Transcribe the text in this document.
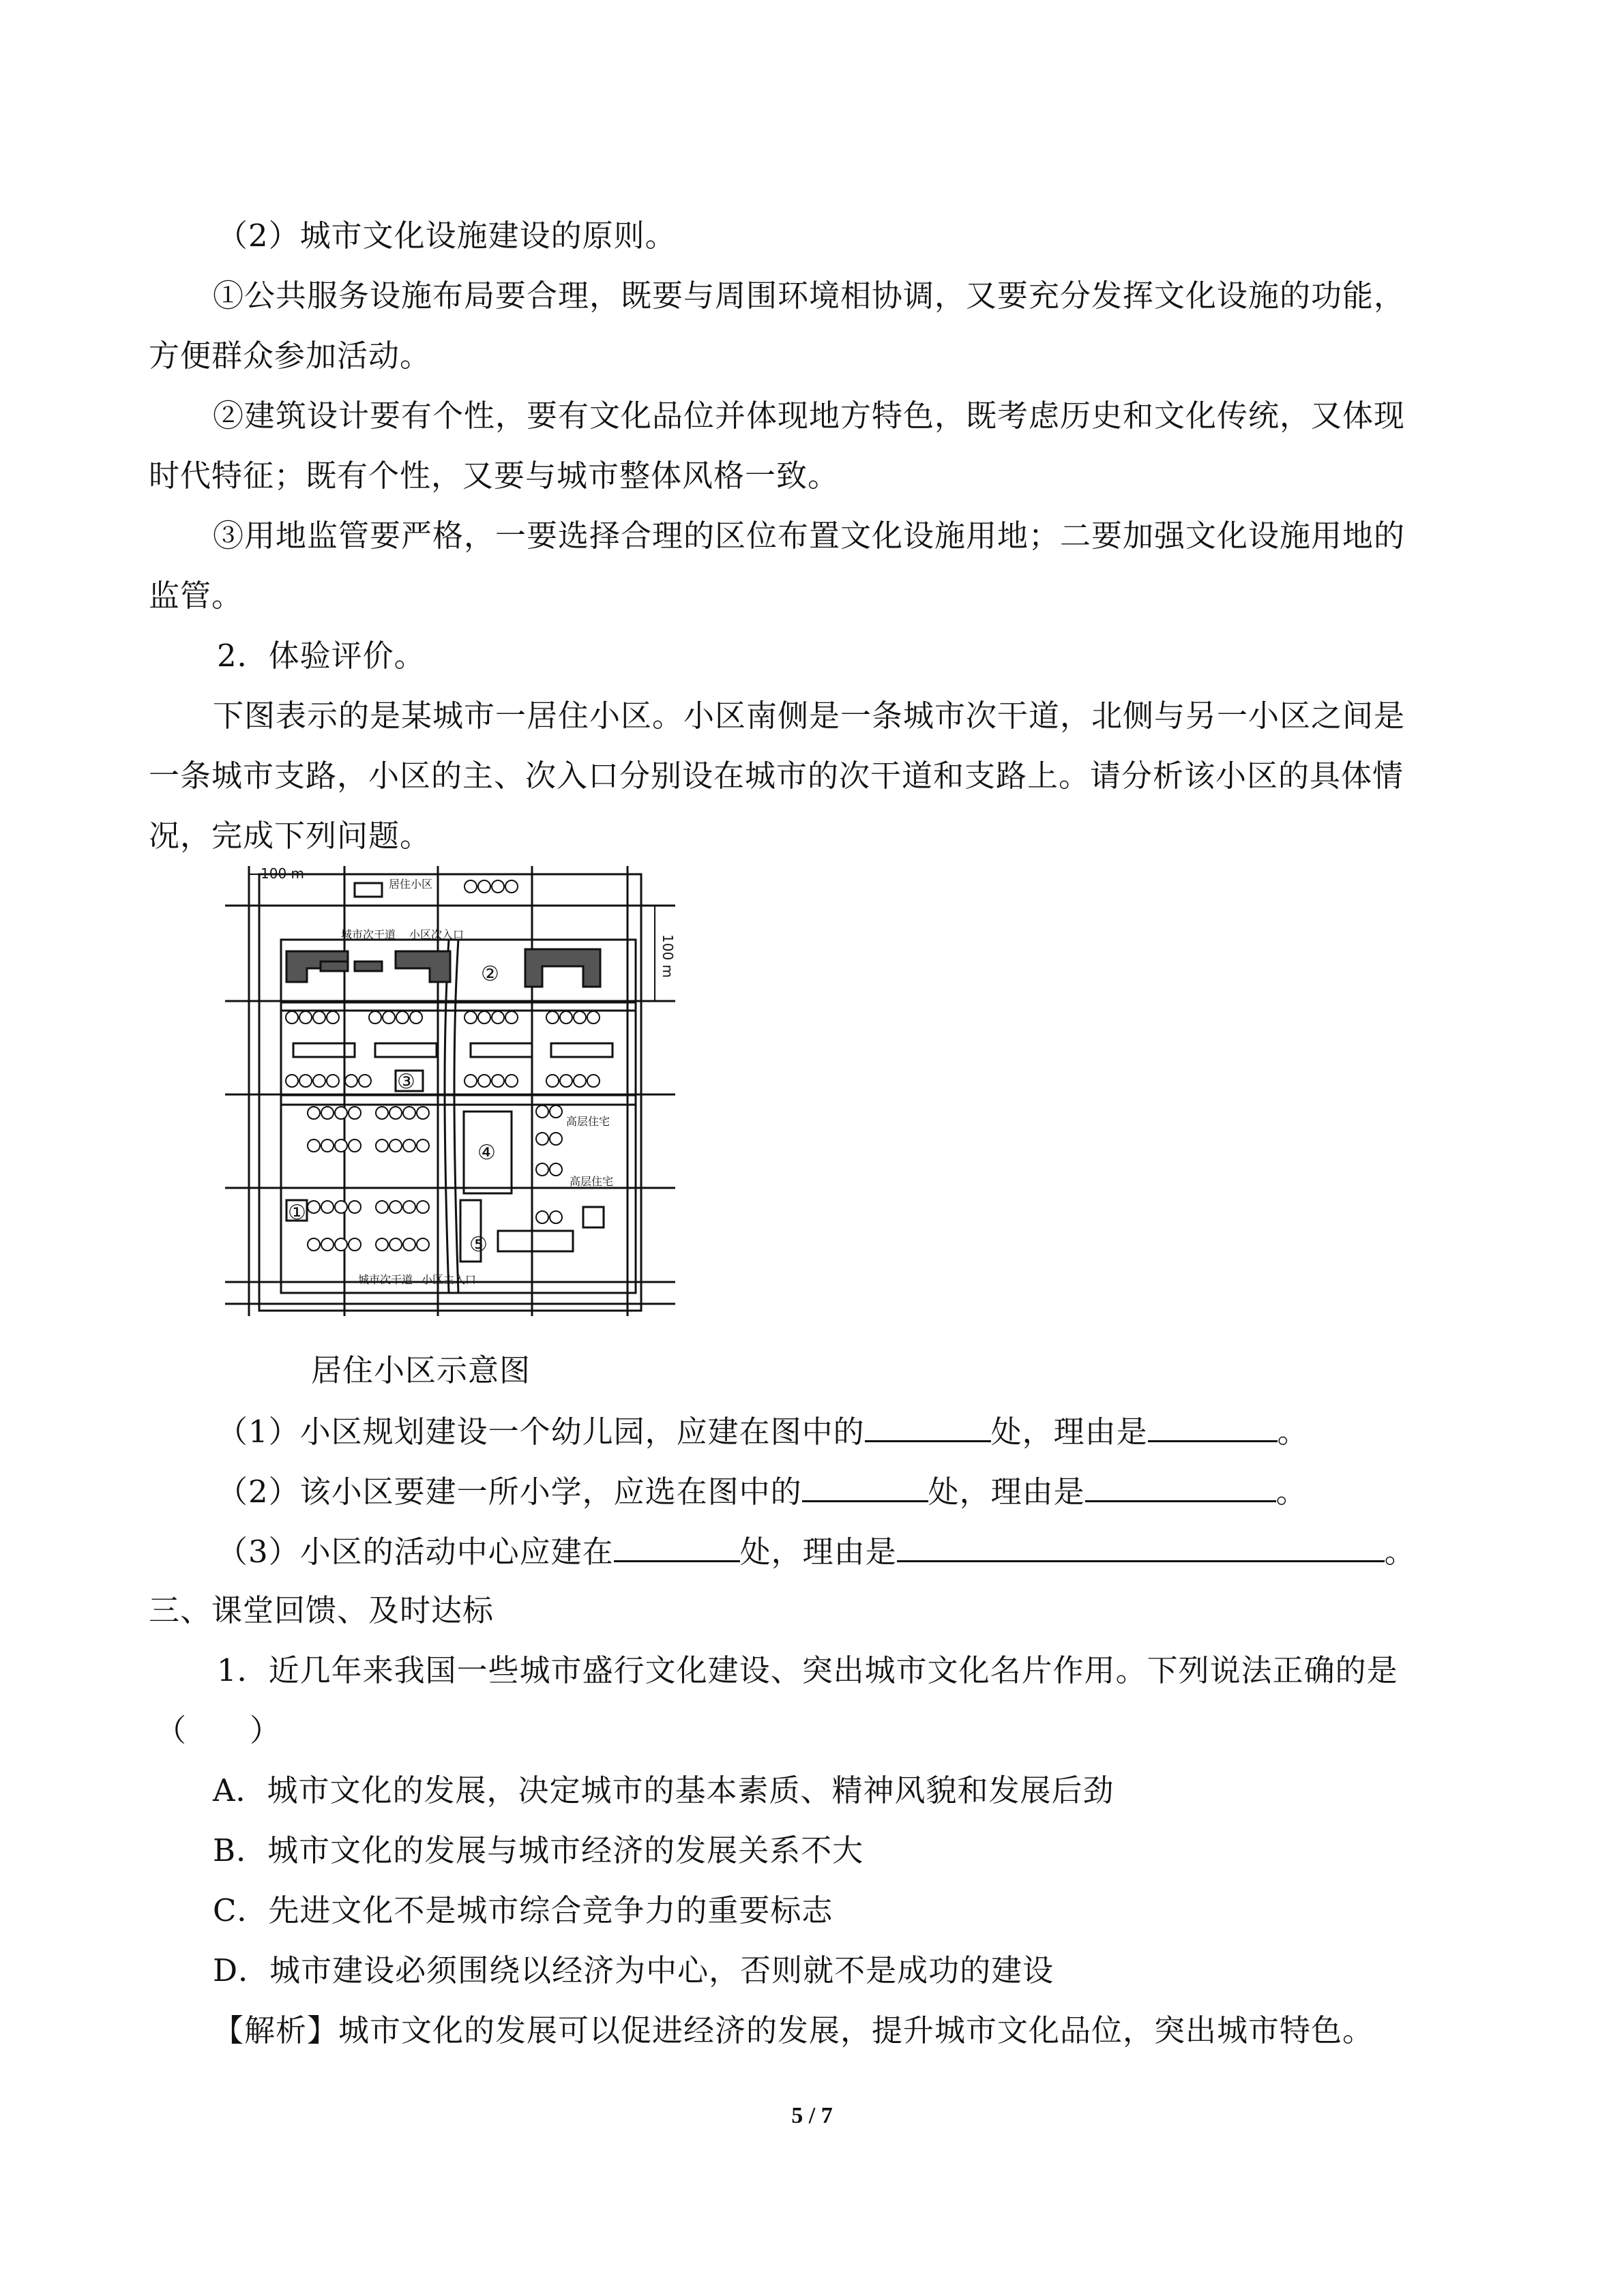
（2）城市文化设施建设的原则。
①公共服务设施布局要合理，既要与周围环境相协调，又要充分发挥文化设施的功能，
方便群众参加活动。
②建筑设计要有个性，要有文化品位并体现地方特色，既考虑历史和文化传统，又体现
时代特征；既有个性，又要与城市整体风格一致。
③用地监管要严格，一要选择合理的区位布置文化设施用地；二要加强文化设施用地的
监管。
2．体验评价。
下图表示的是某城市一居住小区。小区南侧是一条城市次干道，北侧与另一小区之间是
一条城市支路，小区的主、次入口分别设在城市的次干道和支路上。请分析该小区的具体情
况，完成下列问题。
100 m
居住小区
城市次干道 小区次入口
城市次干道 小区主入口
高层住宅
高层住宅
100 m
①
②
③
④
⑤
居住小区示意图
（1）小区规划建设一个幼儿园，应建在图中的	处，理由是	。
（2）该小区要建一所小学，应选在图中的	处，理由是	。
（3）小区的活动中心应建在	处，理由是	。
三、课堂回馈、及时达标
1．近几年来我国一些城市盛行文化建设、突出城市文化名片作用。下列说法正确的是
（　　）
A．城市文化的发展，决定城市的基本素质、精神风貌和发展后劲
B．城市文化的发展与城市经济的发展关系不大
C．先进文化不是城市综合竞争力的重要标志
D．城市建设必须围绕以经济为中心，否则就不是成功的建设
【解析】城市文化的发展可以促进经济的发展，提升城市文化品位，突出城市特色。
5 / 7
